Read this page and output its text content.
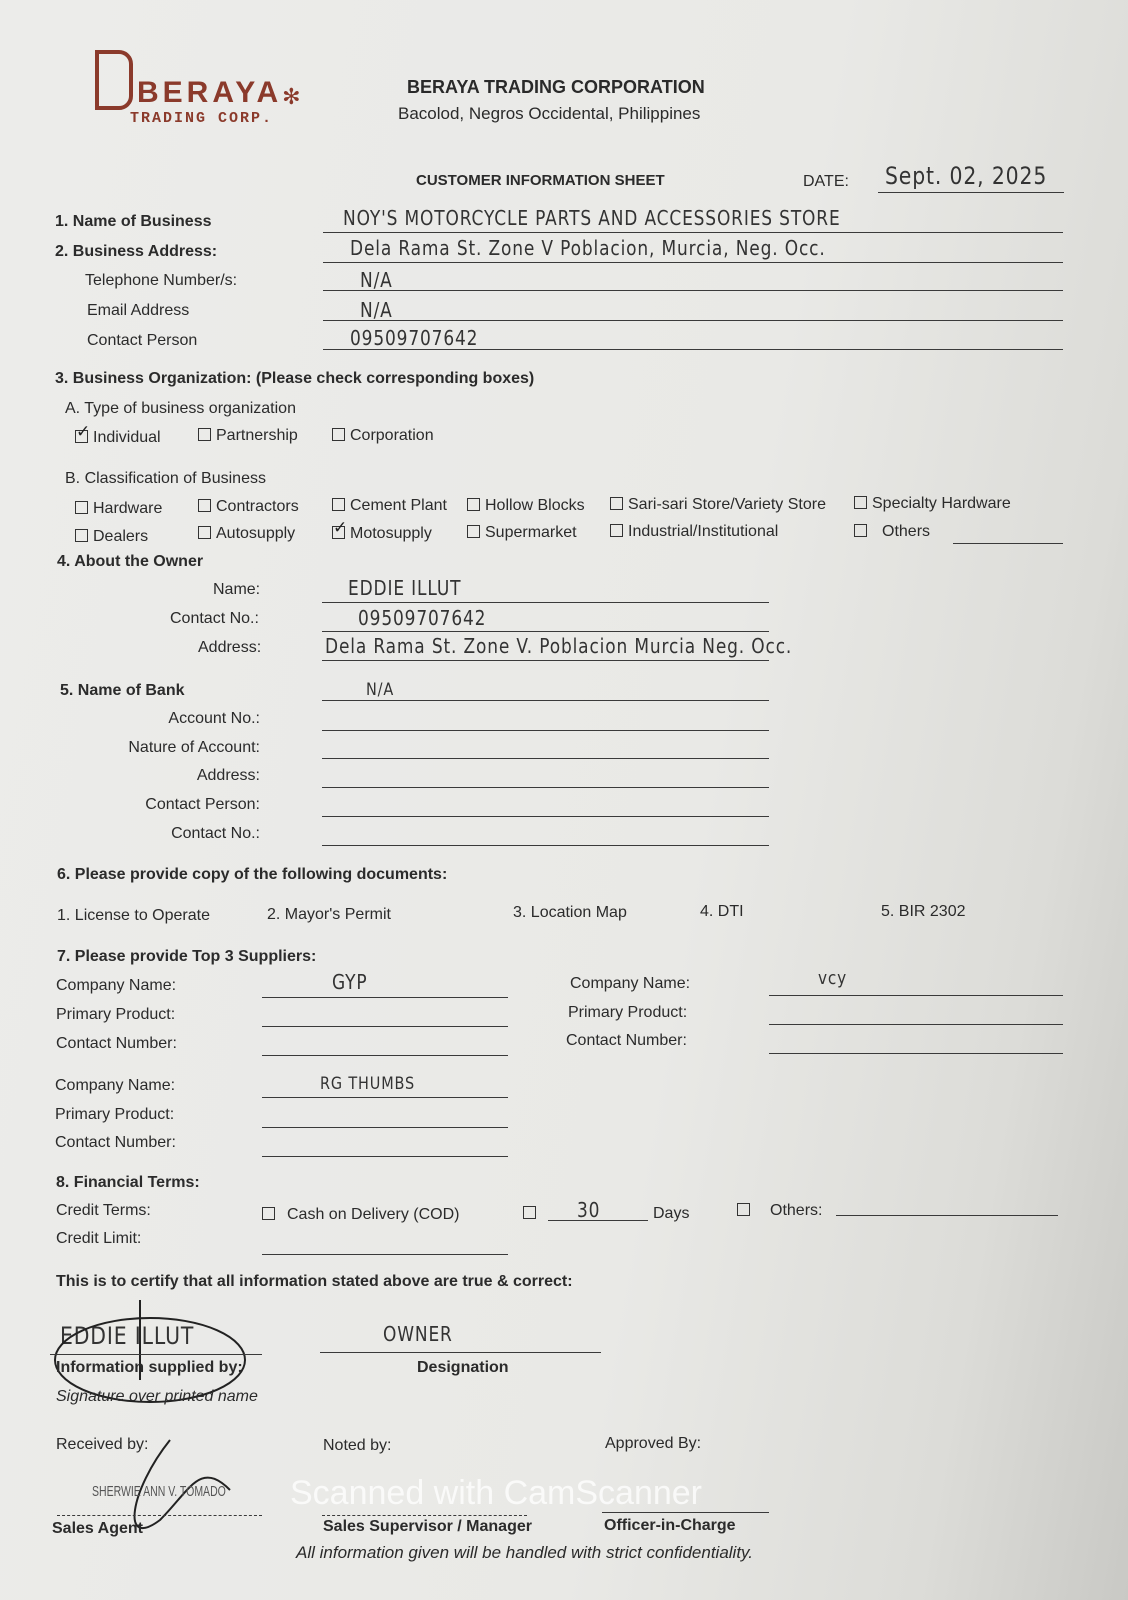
BERAYA ✻
TRADING CORP.
BERAYA TRADING CORPORATION
Bacolod, Negros Occidental, Philippines
CUSTOMER INFORMATION SHEET	DATE: Sept. 02, 2025
1. Name of Business	NOY'S MOTORCYCLE PARTS AND ACCESSORIES STORE
2. Business Address:	Dela Rama St. Zone V Poblacion, Murcia, Neg. Occ.
Telephone Number/s:	N/A
Email Address	N/A
Contact Person	09509707642
3. Business Organization: (Please check corresponding boxes)
A. Type of business organization
✓Individual	Partnership	Corporation
B. Classification of Business
Hardware	Contractors	Cement Plant	Hollow Blocks	Sari-sari Store/Variety Store	Specialty Hardware
Dealers	Autosupply ✓	Motosupply	Supermarket	Industrial/Institutional	Others
4. About the Owner
Name:	EDDIE ILLUT
Contact No.:	09509707642
Address:	Dela Rama St. Zone V. Poblacion Murcia Neg. Occ.
5. Name of Bank	N/A
Account No.:
Nature of Account:
Address:
Contact Person:
Contact No.:
6. Please provide copy of the following documents:
1. License to Operate	2. Mayor's Permit	3. Location Map	4. DTI	5. BIR 2302
7. Please provide Top 3 Suppliers:
Company Name:	GYP
Primary Product:
Contact Number:
Company Name:	vcy
Primary Product:
Contact Number:
Company Name:	RG THUMBS
Primary Product:
Contact Number:
8. Financial Terms:
Credit Terms:	Cash on Delivery (COD)	30	Days	Others:
Credit Limit:
This is to certify that all information stated above are true & correct:
EDDIE ILLUT
Information supplied by:
Signature over printed name
OWNER
Designation
Received by:	Noted by:	Approved By:
SHERWIE ANN V. TOMADO Scanned with CamScanner
Sales Agent	Sales Supervisor / Manager	Officer-in-Charge
All information given will be handled with strict confidentiality.
